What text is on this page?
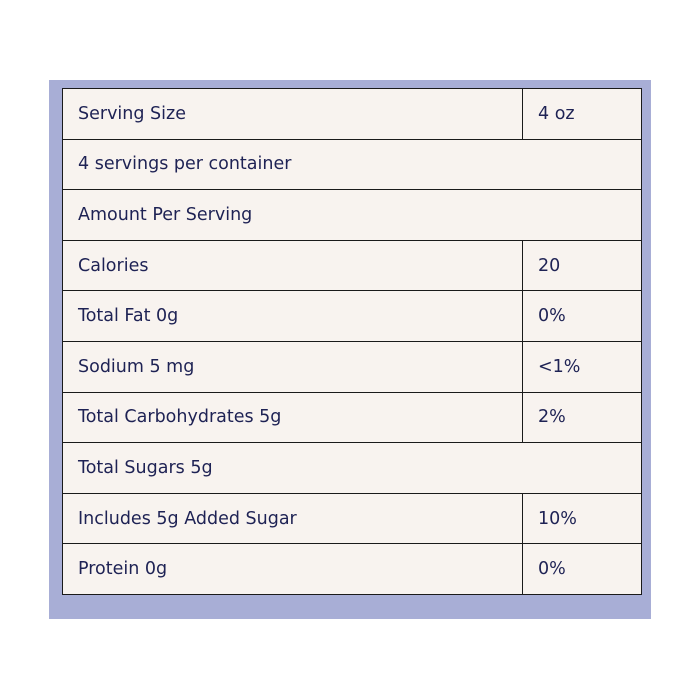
Serving Size	4 oz
4 servings per container	
Amount Per Serving	
Calories	20
Total Fat 0g	0%
Sodium 5 mg	<1%
Total Carbohydrates 5g	2%
Total Sugars 5g	
Includes 5g Added Sugar	10%
Protein 0g	0%
